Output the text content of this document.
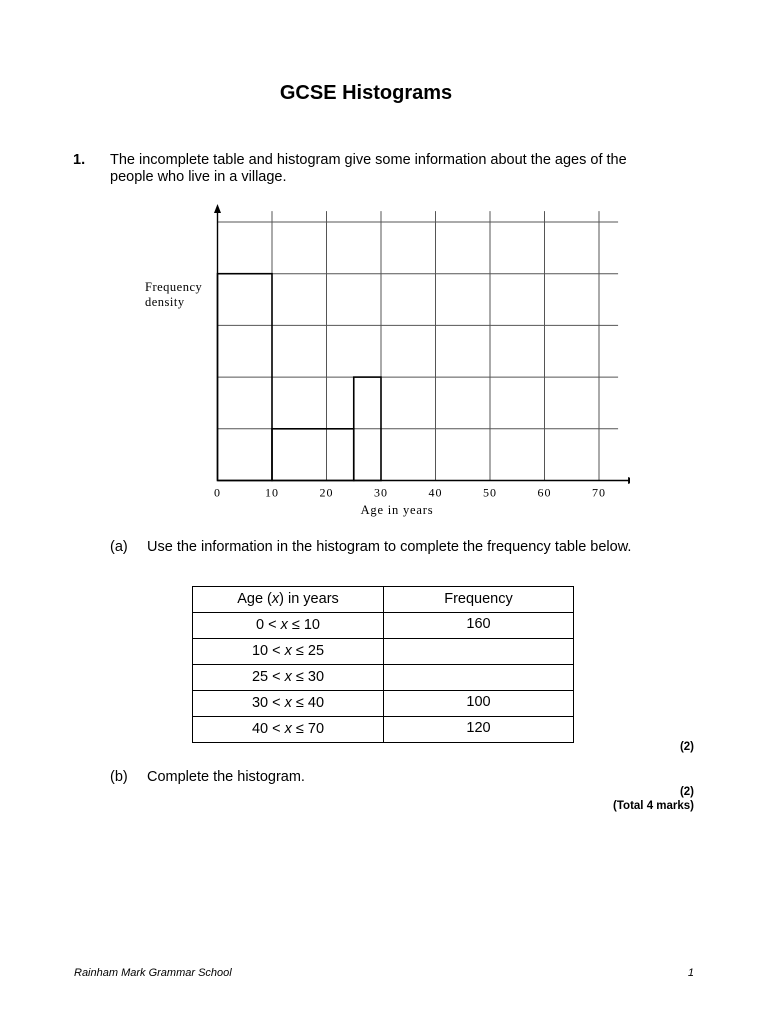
GCSE Histograms
1. The incomplete table and histogram give some information about the ages of the people who live in a village.
0	10	20	30	40	50	60	70
Frequency
density
Age in years
(a) Use the information in the histogram to complete the frequency table below.
Age (x) in years	Frequency
0 < x ≤ 10	160
10 < x ≤ 25	
25 < x ≤ 30	
30 < x ≤ 40	100
40 < x ≤ 70	120
(2)
(b) Complete the histogram.
(2)
(Total 4 marks)
Rainham Mark Grammar School	1
